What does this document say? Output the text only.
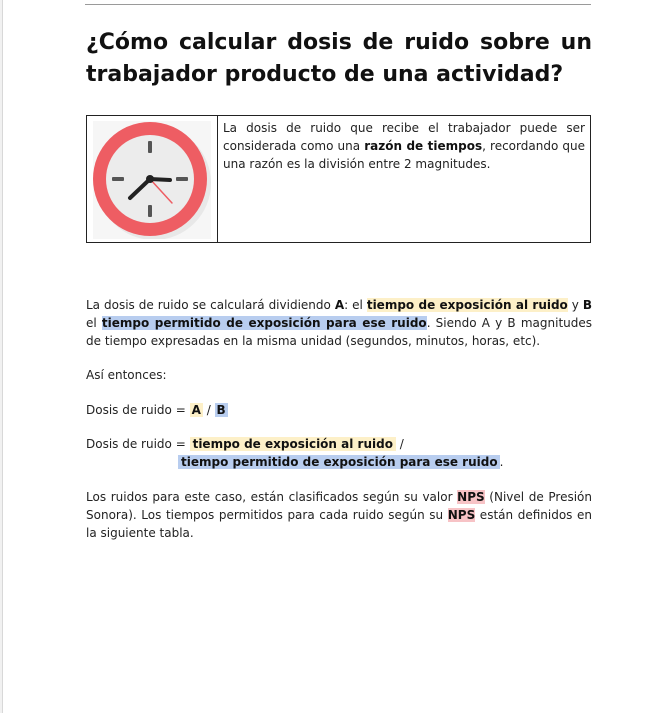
¿Cómo calcular dosis de ruido sobre un trabajador producto de una actividad?
La dosis de ruido que recibe el trabajador puede ser considerada como una razón de tiempos, recordando que una razón es la división entre 2 magnitudes.
La dosis de ruido se calculará dividiendo A: el tiempo de exposición al ruido y B el tiempo permitido de exposición para ese ruido. Siendo A y B magnitudes de tiempo expresadas en la misma unidad (segundos, minutos, horas, etc).
Así entonces:
Dosis de ruido = A / B
Dosis de ruido = tiempo de exposición al ruido /
tiempo permitido de exposición para ese ruido .
Los ruidos para este caso, están clasificados según su valor NPS (Nivel de Presión Sonora). Los tiempos permitidos para cada ruido según su NPS están definidos en la siguiente tabla.
